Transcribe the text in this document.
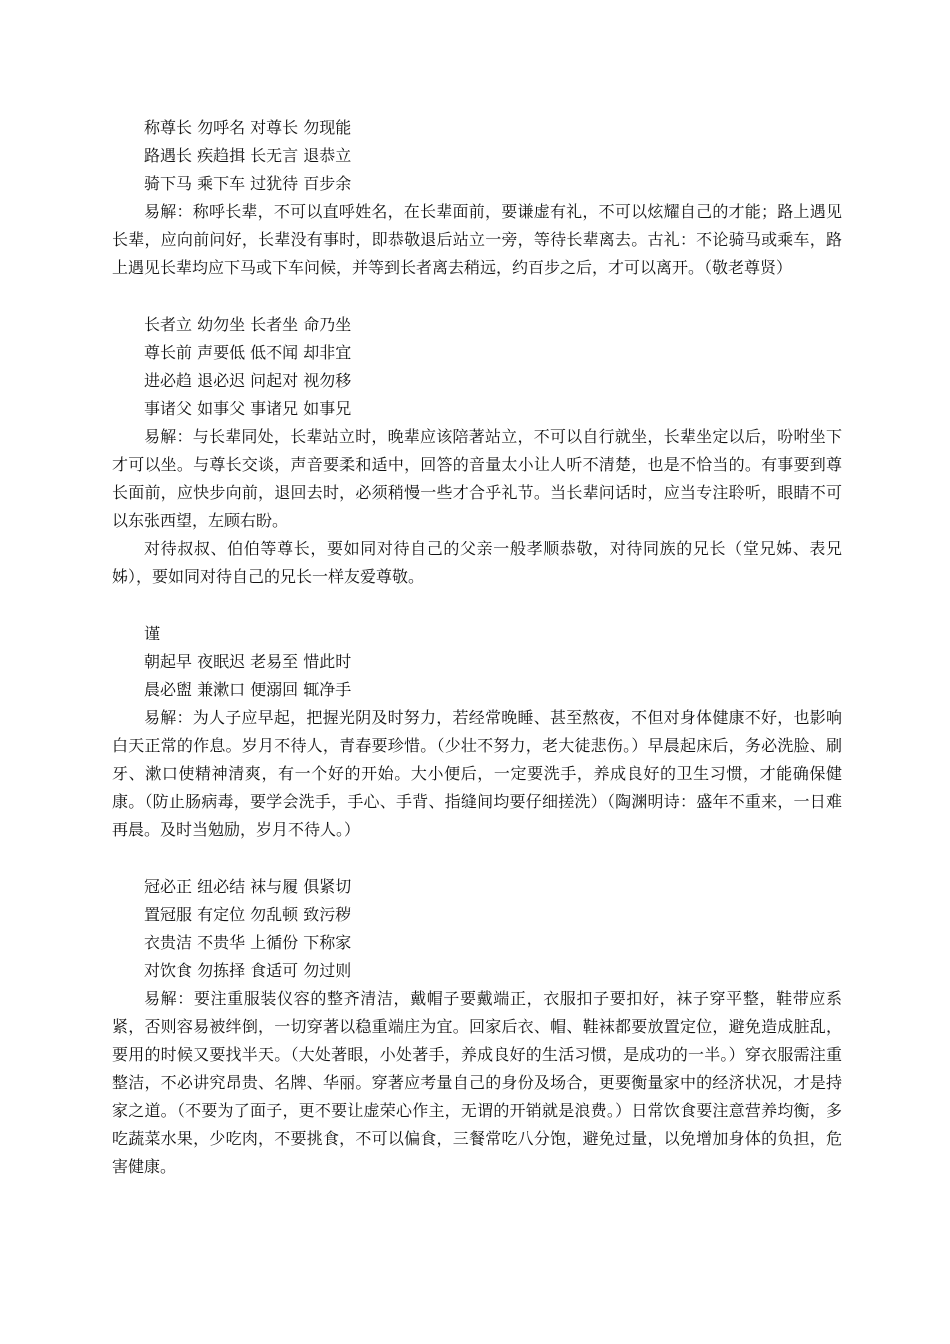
称尊长 勿呼名 对尊长 勿现能
路遇长 疾趋揖 长无言 退恭立
骑下马 乘下车 过犹待 百步余

易解：称呼长辈，不可以直呼姓名，在长辈面前，要谦虚有礼，不可以炫耀自己的才能；路上遇见长辈，应向前问好，长辈没有事时，即恭敬退后站立一旁，等待长辈离去。古礼：不论骑马或乘车，路上遇见长辈均应下马或下车问候，并等到长者离去稍远，约百步之后，才可以离开。（敬老尊贤）

长者立 幼勿坐 长者坐 命乃坐
尊长前 声要低 低不闻 却非宜
进必趋 退必迟 问起对 视勿移
事诸父 如事父 事诸兄 如事兄

易解：与长辈同处，长辈站立时，晚辈应该陪著站立，不可以自行就坐，长辈坐定以后，吩咐坐下才可以坐。与尊长交谈，声音要柔和适中，回答的音量太小让人听不清楚，也是不恰当的。有事要到尊长面前，应快步向前，退回去时，必须稍慢一些才合乎礼节。当长辈问话时，应当专注聆听，眼睛不可以东张西望，左顾右盼。

对待叔叔、伯伯等尊长，要如同对待自己的父亲一般孝顺恭敬，对待同族的兄长（堂兄姊、表兄姊），要如同对待自己的兄长一样友爱尊敬。

谨
朝起早 夜眠迟 老易至 惜此时
晨必盥 兼漱口 便溺回 辄净手

易解：为人子应早起，把握光阴及时努力，若经常晚睡、甚至熬夜，不但对身体健康不好，也影响白天正常的作息。岁月不待人，青春要珍惜。（少壮不努力，老大徒悲伤。）早晨起床后，务必洗脸、刷牙、漱口使精神清爽，有一个好的开始。大小便后，一定要洗手，养成良好的卫生习惯，才能确保健康。（防止肠病毒，要学会洗手，手心、手背、指缝间均要仔细搓洗）（陶渊明诗：盛年不重来，一日难再晨。及时当勉励，岁月不待人。）

冠必正 纽必结 袜与履 俱紧切
置冠服 有定位 勿乱顿 致污秽
衣贵洁 不贵华 上循份 下称家
对饮食 勿拣择 食适可 勿过则

易解：要注重服装仪容的整齐清洁，戴帽子要戴端正，衣服扣子要扣好，袜子穿平整，鞋带应系紧，否则容易被绊倒，一切穿著以稳重端庄为宜。回家后衣、帽、鞋袜都要放置定位，避免造成脏乱，要用的时候又要找半天。（大处著眼，小处著手，养成良好的生活习惯，是成功的一半。）穿衣服需注重整洁，不必讲究昂贵、名牌、华丽。穿著应考量自己的身份及场合，更要衡量家中的经济状况，才是持家之道。（不要为了面子，更不要让虚荣心作主，无谓的开销就是浪费。）日常饮食要注意营养均衡，多吃蔬菜水果，少吃肉，不要挑食，不可以偏食，三餐常吃八分饱，避免过量，以免增加身体的负担，危害健康。
